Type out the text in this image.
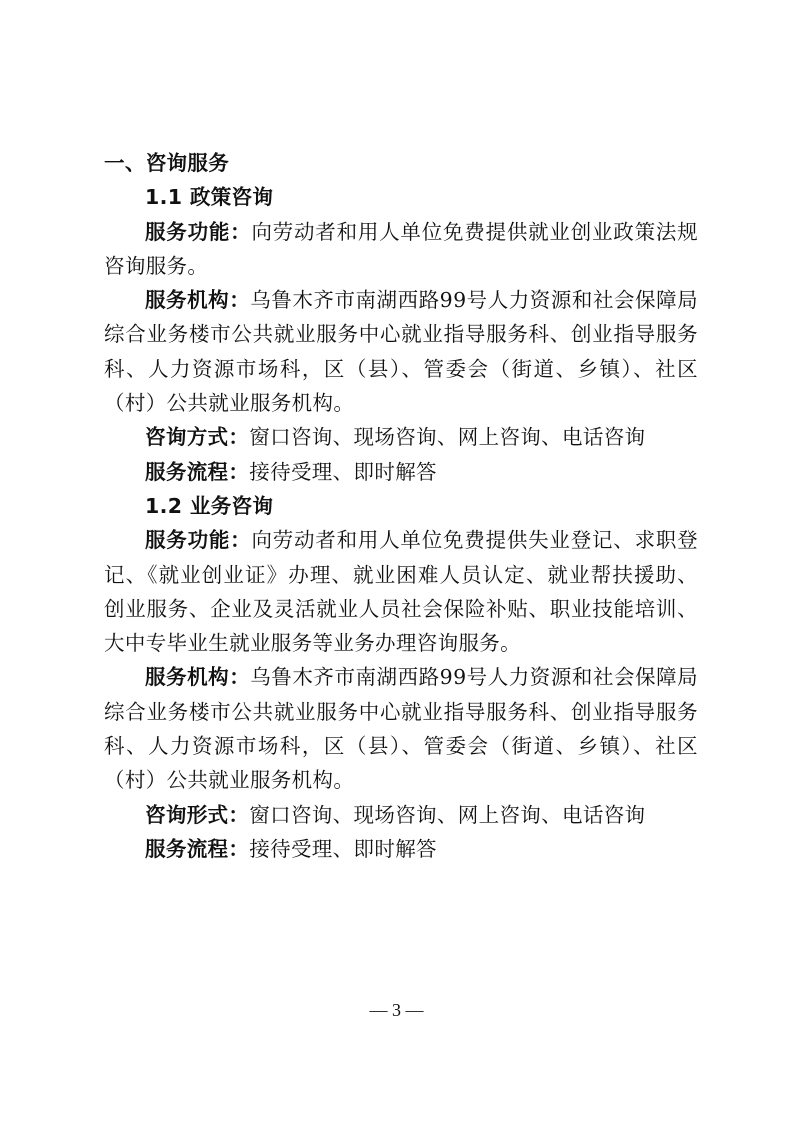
一、咨询服务
1.1 政策咨询
服务功能：向劳动者和用人单位免费提供就业创业政策法规咨询服务。
服务机构：乌鲁木齐市南湖西路99号人力资源和社会保障局综合业务楼市公共就业服务中心就业指导服务科、创业指导服务科、人力资源市场科，区（县）、管委会（街道、乡镇）、社区（村）公共就业服务机构。
咨询方式：窗口咨询、现场咨询、网上咨询、电话咨询
服务流程：接待受理、即时解答
1.2 业务咨询
服务功能：向劳动者和用人单位免费提供失业登记、求职登记、《就业创业证》办理、就业困难人员认定、就业帮扶援助、创业服务、企业及灵活就业人员社会保险补贴、职业技能培训、大中专毕业生就业服务等业务办理咨询服务。
服务机构：乌鲁木齐市南湖西路99号人力资源和社会保障局综合业务楼市公共就业服务中心就业指导服务科、创业指导服务科、人力资源市场科，区（县）、管委会（街道、乡镇）、社区（村）公共就业服务机构。
咨询形式：窗口咨询、现场咨询、网上咨询、电话咨询
服务流程：接待受理、即时解答
— 3 —
